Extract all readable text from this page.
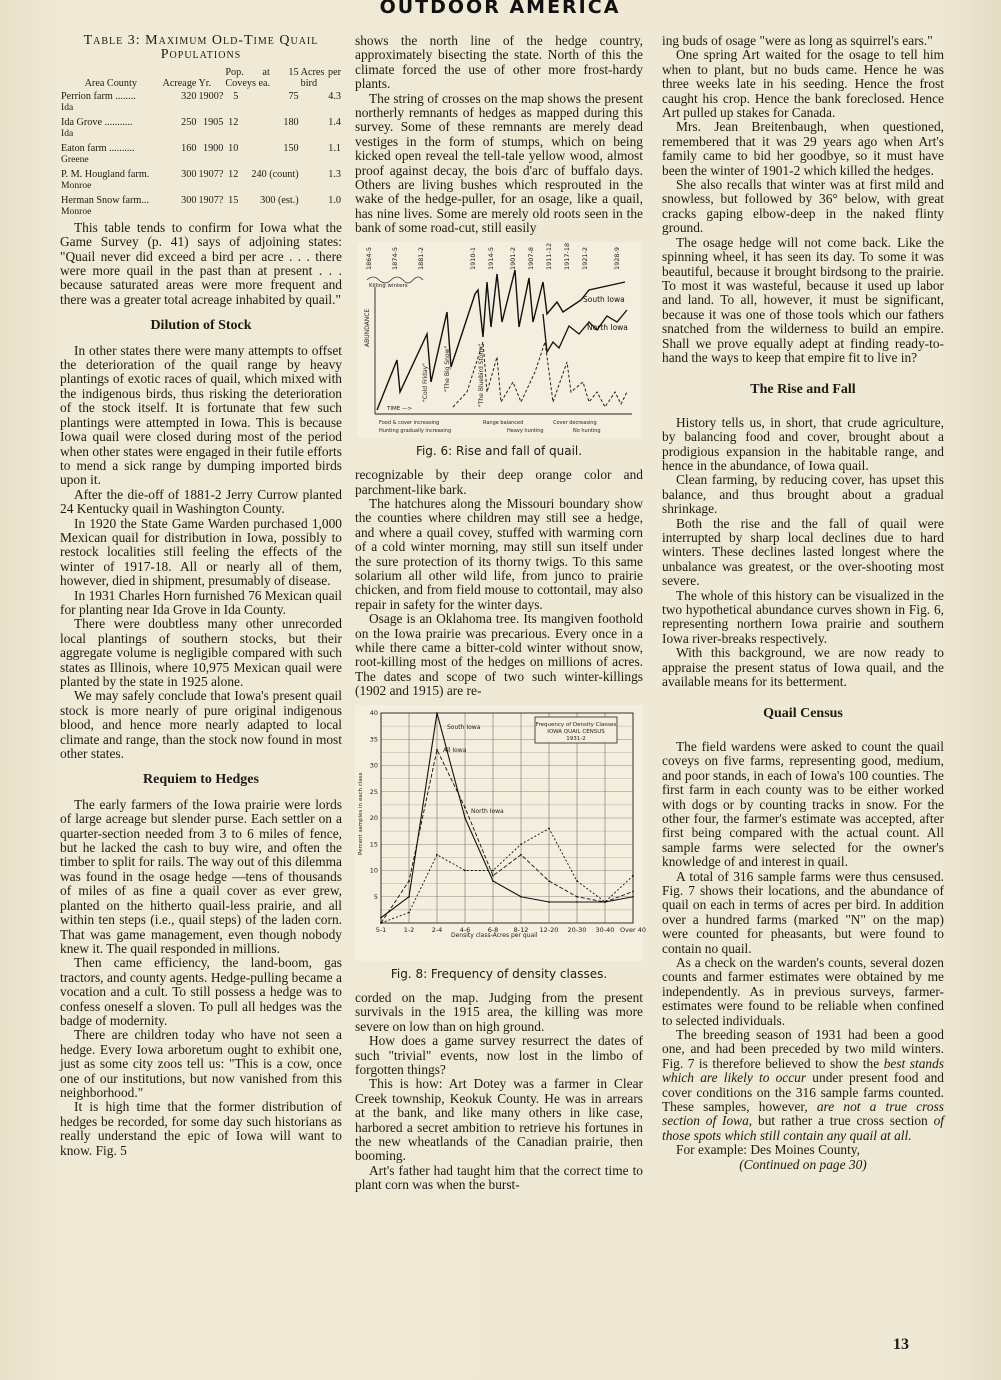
OUTDOOR AMERICA
Table 3: Maximum Old-Time Quail Populations
Area County	Acreage	Yr.	Pop. at 15 Coveys ea.		Acres per bird
Perrion farm ........
Ida	320	1900?	5	75	4.3
Ida Grove ...........
Ida	250	1905	12	180	1.4
Eaton farm ..........
Greene	160	1900	10	150	1.1
P. M. Hougland farm.
Monroe	300	1907?	12	240 (count)	1.3
Herman Snow farm...
Monroe	300	1907?	15	300 (est.)	1.0

This table tends to confirm for Iowa what the Game Survey (p. 41) says of adjoining states: "Quail never did exceed a bird per acre . . . there were more quail in the past than at present . . . because saturated areas were more frequent and there was a greater total acreage inhabited by quail."

Dilution of Stock

In other states there were many attempts to offset the deterioration of the quail range by heavy plantings of exotic races of quail, which mixed with the indigenous birds, thus risking the deterioration of the stock itself. It is fortunate that few such plantings were attempted in Iowa. This is because Iowa quail were closed during most of the period when other states were engaged in their futile efforts to mend a sick range by dumping imported birds upon it.

After the die-off of 1881-2 Jerry Currow planted 24 Kentucky quail in Washington County.

In 1920 the State Game Warden purchased 1,000 Mexican quail for distribution in Iowa, possibly to restock localities still feeling the effects of the winter of 1917-18. All or nearly all of them, however, died in shipment, presumably of disease.

In 1931 Charles Horn furnished 76 Mexican quail for planting near Ida Grove in Ida County.

There were doubtless many other unrecorded local plantings of southern stocks, but their aggregate volume is negligible compared with such states as Illinois, where 10,975 Mexican quail were planted by the state in 1925 alone.

We may safely conclude that Iowa's present quail stock is more nearly of pure original indigenous blood, and hence more nearly adapted to local climate and range, than the stock now found in most other states.

Requiem to Hedges

The early farmers of the Iowa prairie were lords of large acreage but slender purse. Each settler on a quarter-section needed from 3 to 6 miles of fence, but he lacked the cash to buy wire, and often the timber to split for rails. The way out of this dilemma was found in the osage hedge —tens of thousands of miles of as fine a quail cover as ever grew, planted on the hitherto quail-less prairie, and all within ten steps (i.e., quail steps) of the laden corn. That was game management, even though nobody knew it. The quail responded in millions.

Then came efficiency, the land-boom, gas tractors, and county agents. Hedge-pulling became a vocation and a cult. To still possess a hedge was to confess oneself a sloven. To pull all hedges was the badge of modernity.

There are children today who have not seen a hedge. Every Iowa arboretum ought to exhibit one, just as some city zoos tell us: "This is a cow, once one of our institutions, but now vanished from this neighborhood."

It is high time that the former distribution of hedges be recorded, for some day such historians as really understand the epic of Iowa will want to know. Fig. 5

shows the north line of the hedge country, approximately bisecting the state. North of this the climate forced the use of other more frost-hardy plants.

The string of crosses on the map shows the present northerly remnants of hedges as mapped during this survey. Some of these remnants are merely dead vestiges in the form of stumps, which on being kicked open reveal the tell-tale yellow wood, almost proof against decay, the bois d'arc of buffalo days. Others are living bushes which resprouted in the wake of the hedge-puller, for an osage, like a quail, has nine lives. Some are merely old roots seen in the bank of some road-cut, still easily

1864-5	1874-5	1881-2	1910-1 1914-5 1901-2 1907-8 1911-12 1917-18 1921-2	1928-9
Killing winters
ABUNDANCE
South Iowa
North Iowa
"Cold Friday"	"The Big Snow"	"The Bluebird Storm"
TIME —>
Food & cover increasing	Range balanced	Cover decreasing
Hunting gradually increasing	Heavy hunting	No hunting
Fig. 6: Rise and fall of quail.

recognizable by their deep orange color and parchment-like bark.

The hatchures along the Missouri boundary show the counties where children may still see a hedge, and where a quail covey, stuffed with warming corn of a cold winter morning, may still sun itself under the sure protection of its thorny twigs. To this same solarium all other wild life, from junco to prairie chicken, and from field mouse to cottontail, may also repair in safety for the winter days.

Osage is an Oklahoma tree. Its mangiven foothold on the Iowa prairie was precarious. Every once in a while there came a bitter-cold winter without snow, root-killing most of the hedges on millions of acres. The dates and scope of two such winter-killings (1902 and 1915) are re-

5-1	1-2	2-4	4-6	6-8 8-12 12-20 20-30 30-40 Over 40
5
10
15
20
25
30
35
40
South Iowa
All Iowa
North Iowa
Frequency of Density Classes
IOWA QUAIL CENSUS
1931-2
Percent samples in each class
Density class-Acres per quail
Fig. 8: Frequency of density classes.

corded on the map. Judging from the present survivals in the 1915 area, the killing was more severe on low than on high ground.

How does a game survey resurrect the dates of such "trivial" events, now lost in the limbo of forgotten things?

This is how: Art Dotey was a farmer in Clear Creek township, Keokuk County. He was in arrears at the bank, and like many others in like case, harbored a secret ambition to retrieve his fortunes in the new wheatlands of the Canadian prairie, then booming.

Art's father had taught him that the correct time to plant corn was when the burst-

ing buds of osage "were as long as squirrel's ears."

One spring Art waited for the osage to tell him when to plant, but no buds came. Hence he was three weeks late in his seeding. Hence the frost caught his crop. Hence the bank foreclosed. Hence Art pulled up stakes for Canada.

Mrs. Jean Breitenbaugh, when questioned, remembered that it was 29 years ago when Art's family came to bid her goodbye, so it must have been the winter of 1901-2 which killed the hedges.

She also recalls that winter was at first mild and snowless, but followed by 36° below, with great cracks gaping elbow-deep in the naked flinty ground.

The osage hedge will not come back. Like the spinning wheel, it has seen its day. To some it was beautiful, because it brought birdsong to the prairie. To most it was wasteful, because it used up labor and land. To all, however, it must be significant, because it was one of those tools which our fathers snatched from the wilderness to build an empire. Shall we prove equally adept at finding ready-to-hand the ways to keep that empire fit to live in?

The Rise and Fall

History tells us, in short, that crude agriculture, by balancing food and cover, brought about a prodigious expansion in the habitable range, and hence in the abundance, of Iowa quail.

Clean farming, by reducing cover, has upset this balance, and thus brought about a gradual shrinkage.

Both the rise and the fall of quail were interrupted by sharp local declines due to hard winters. These declines lasted longest where the unbalance was greatest, or the over-shooting most severe.

The whole of this history can be visualized in the two hypothetical abundance curves shown in Fig. 6, representing northern Iowa prairie and southern Iowa river-breaks respectively.

With this background, we are now ready to appraise the present status of Iowa quail, and the available means for its betterment.

Quail Census

The field wardens were asked to count the quail coveys on five farms, representing good, medium, and poor stands, in each of Iowa's 100 counties. The first farm in each county was to be either worked with dogs or by counting tracks in snow. For the other four, the farmer's estimate was accepted, after first being compared with the actual count. All sample farms were selected for the owner's knowledge of and interest in quail.

A total of 316 sample farms were thus censused. Fig. 7 shows their locations, and the abundance of quail on each in terms of acres per bird. In addition over a hundred farms (marked "N" on the map) were counted for pheasants, but were found to contain no quail.

As a check on the warden's counts, several dozen counts and farmer estimates were obtained by me independently. As in previous surveys, farmer-estimates were found to be reliable when confined to selected individuals.

The breeding season of 1931 had been a good one, and had been preceded by two mild winters. Fig. 7 is therefore believed to show the best stands which are likely to occur under present food and cover conditions on the 316 sample farms counted. These samples, however, are not a true cross section of Iowa, but rather a true cross section of those spots which still contain any quail at all.

For example: Des Moines County,

(Continued on page 30)

13
